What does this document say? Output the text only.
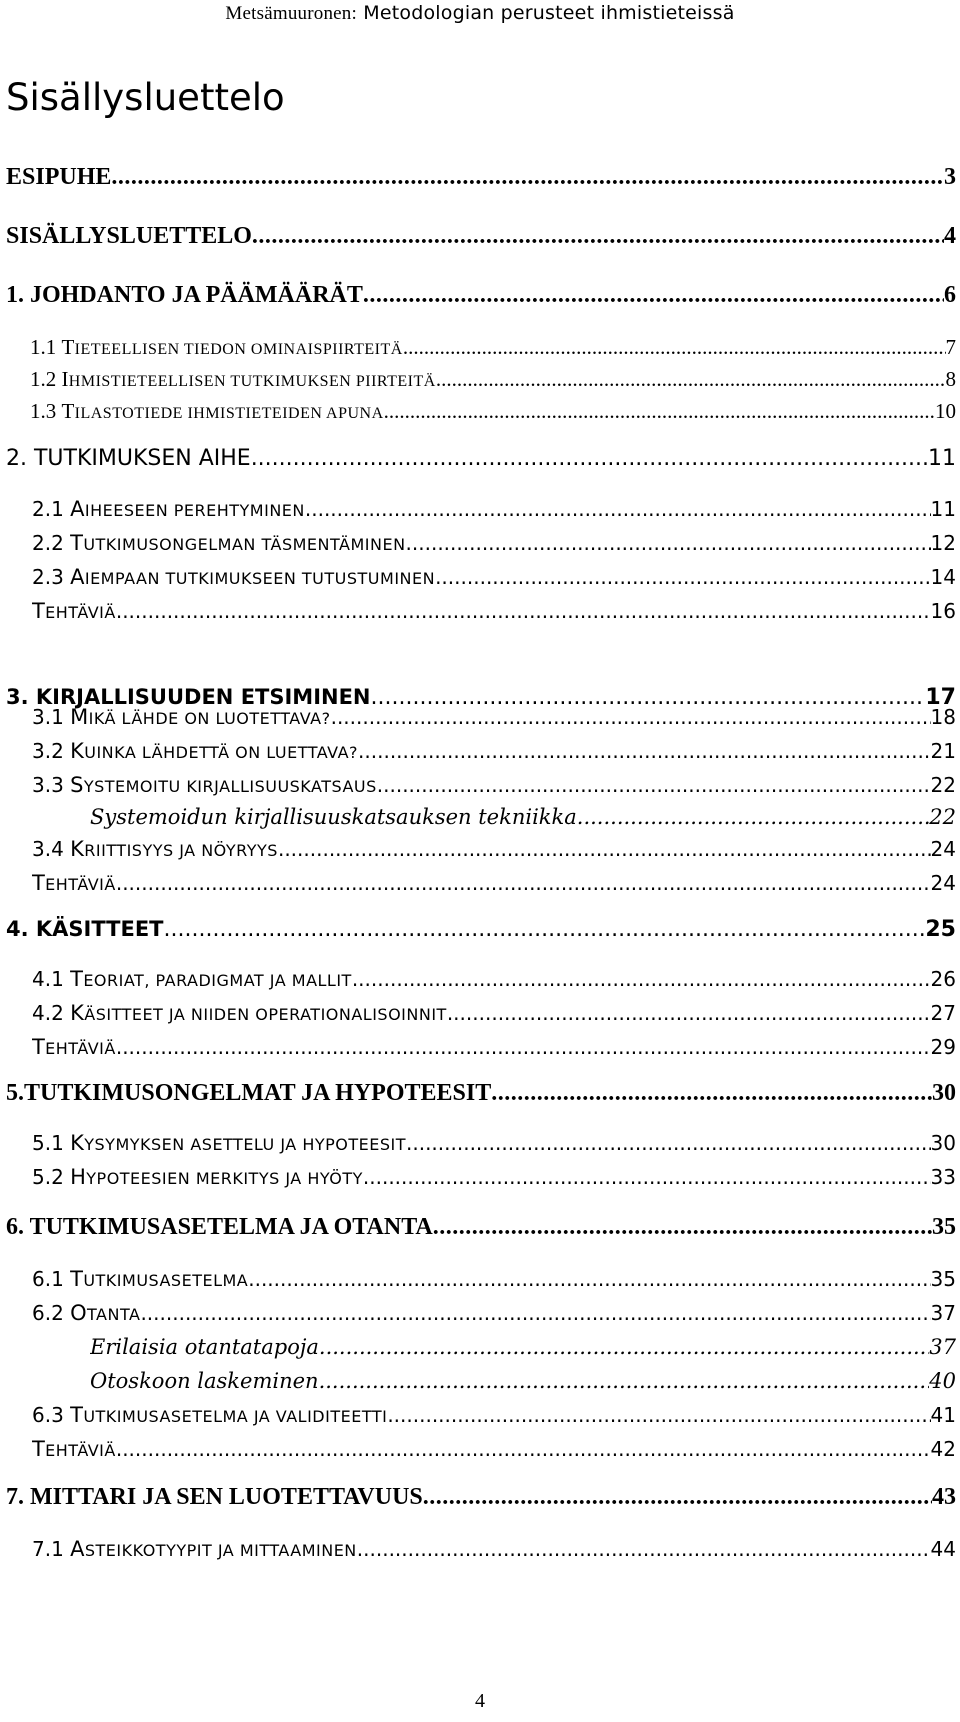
Metsämuuronen: Metodologian perusteet ihmistieteissä
Sisällysluettelo
ESIPUHE .....	3
SISÄLLYSLUETTELO .....	4
1. JOHDANTO JA PÄÄMÄÄRÄT .....	6
1.1 TIETEELLISEN TIEDON OMINAISPIIRTEITÄ .....	7
1.2 IHMISTIETEELLISEN TUTKIMUKSEN PIIRTEITÄ .....	8
1.3 TILASTOTIEDE IHMISTIETEIDEN APUNA .....	10
2. TUTKIMUKSEN AIHE .....	11
2.1 AIHEESEEN PEREHTYMINEN .....	11
2.2 TUTKIMUSONGELMAN TÄSMENTÄMINEN .....	12
2.3 AIEMPAAN TUTKIMUKSEEN TUTUSTUMINEN .....	14
TEHTÄVIÄ .....	16
3. KIRJALLISUUDEN ETSIMINEN .....	17
3.1 MIKÄ LÄHDE ON LUOTETTAVA? .....	18
3.2 KUINKA LÄHDETTÄ ON LUETTAVA? .....	21
3.3 SYSTEMOITU KIRJALLISUUSKATSAUS .....	22
Systemoidun kirjallisuuskatsauksen tekniikka .....	22
3.4 KRIITTISYYS JA NÖYRYYS .....	24
TEHTÄVIÄ .....	24
4. KÄSITTEET .....	25
4.1 TEORIAT, PARADIGMAT JA MALLIT .....	26
4.2 KÄSITTEET JA NIIDEN OPERATIONALISOINNIT .....	27
TEHTÄVIÄ .....	29
5.TUTKIMUSONGELMAT JA HYPOTEESIT .....	30
5.1 KYSYMYKSEN ASETTELU JA HYPOTEESIT .....	30
5.2 HYPOTEESIEN MERKITYS JA HYÖTY .....	33
6. TUTKIMUSASETELMA JA OTANTA .....	35
6.1 TUTKIMUSASETELMA .....	35
6.2 OTANTA .....	37
Erilaisia otantatapoja .....	37
Otoskoon laskeminen .....	40
6.3 TUTKIMUSASETELMA JA VALIDITEETTI .....	41
TEHTÄVIÄ .....	42
7. MITTARI JA SEN LUOTETTAVUUS .....	43
7.1 ASTEIKKOTYYPIT JA MITTAAMINEN .....	44
4
